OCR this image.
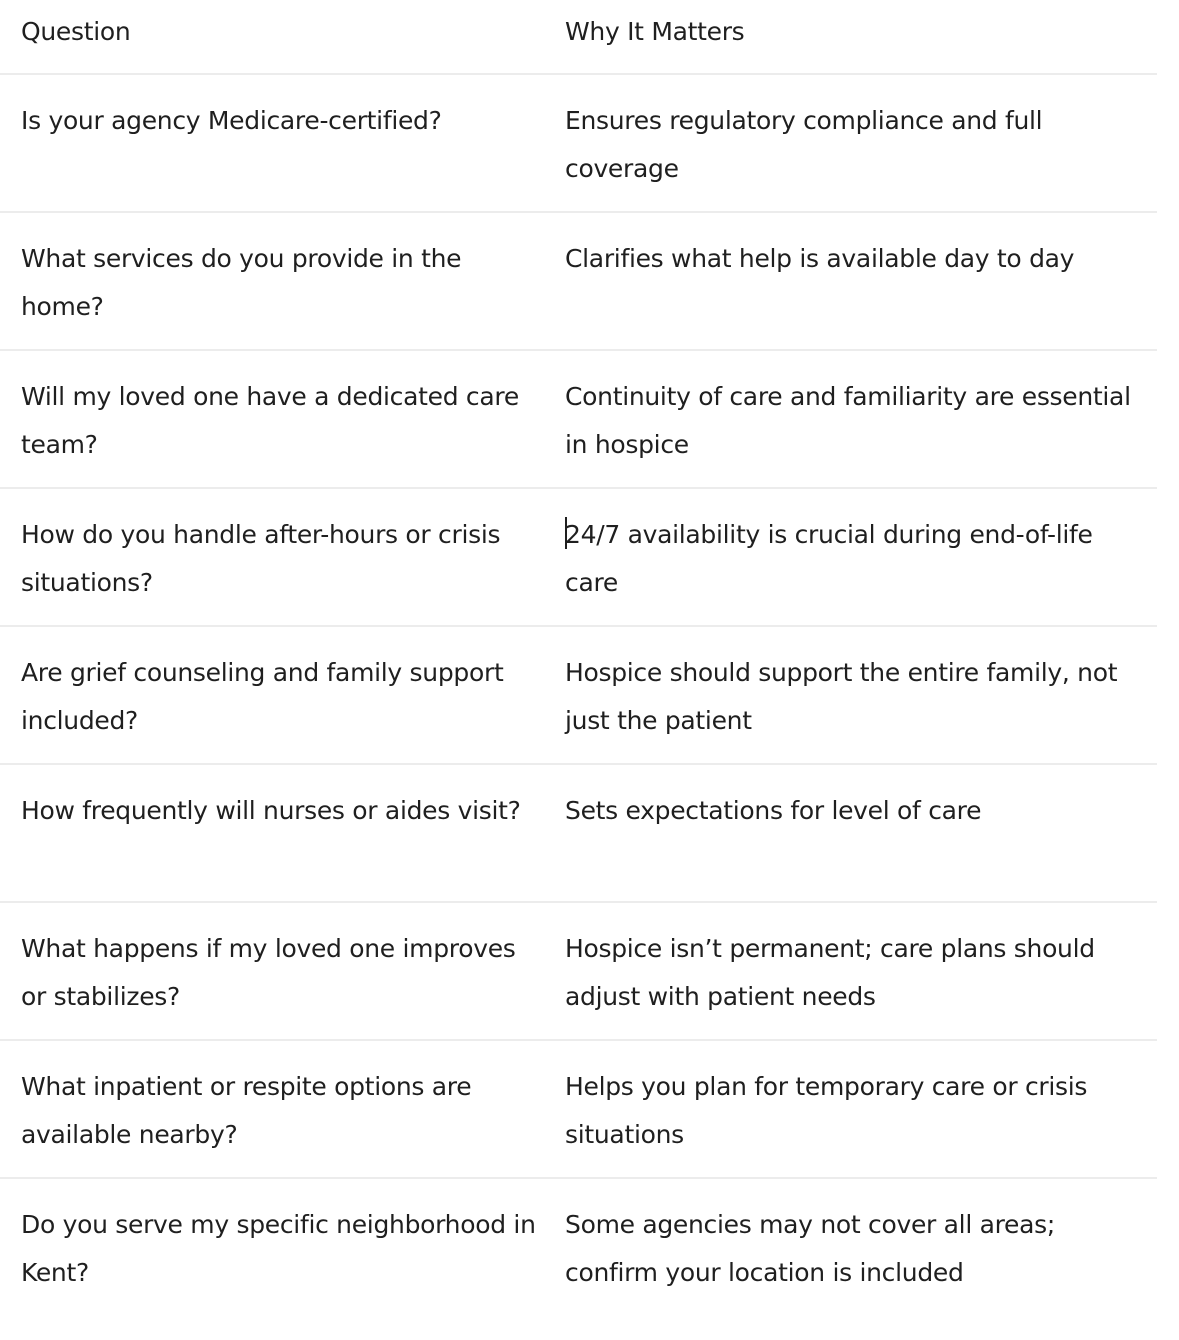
Question	Why It Matters
Is your agency Medicare-certified?	Ensures regulatory compliance and full coverage
What services do you provide in the home?	Clarifies what help is available day to day
Will my loved one have a dedicated care team?	Continuity of care and familiarity are essential in hospice
How do you handle after-hours or crisis situations?	24/7 availability is crucial during end-of-life care
Are grief counseling and family support included?	Hospice should support the entire family, not just the patient
How frequently will nurses or aides visit?	Sets expectations for level of care
What happens if my loved one improves or stabilizes?	Hospice isn’t permanent; care plans should adjust with patient needs
What inpatient or respite options are available nearby?	Helps you plan for temporary care or crisis situations
Do you serve my specific neighborhood in Kent?	Some agencies may not cover all areas; confirm your location is included
